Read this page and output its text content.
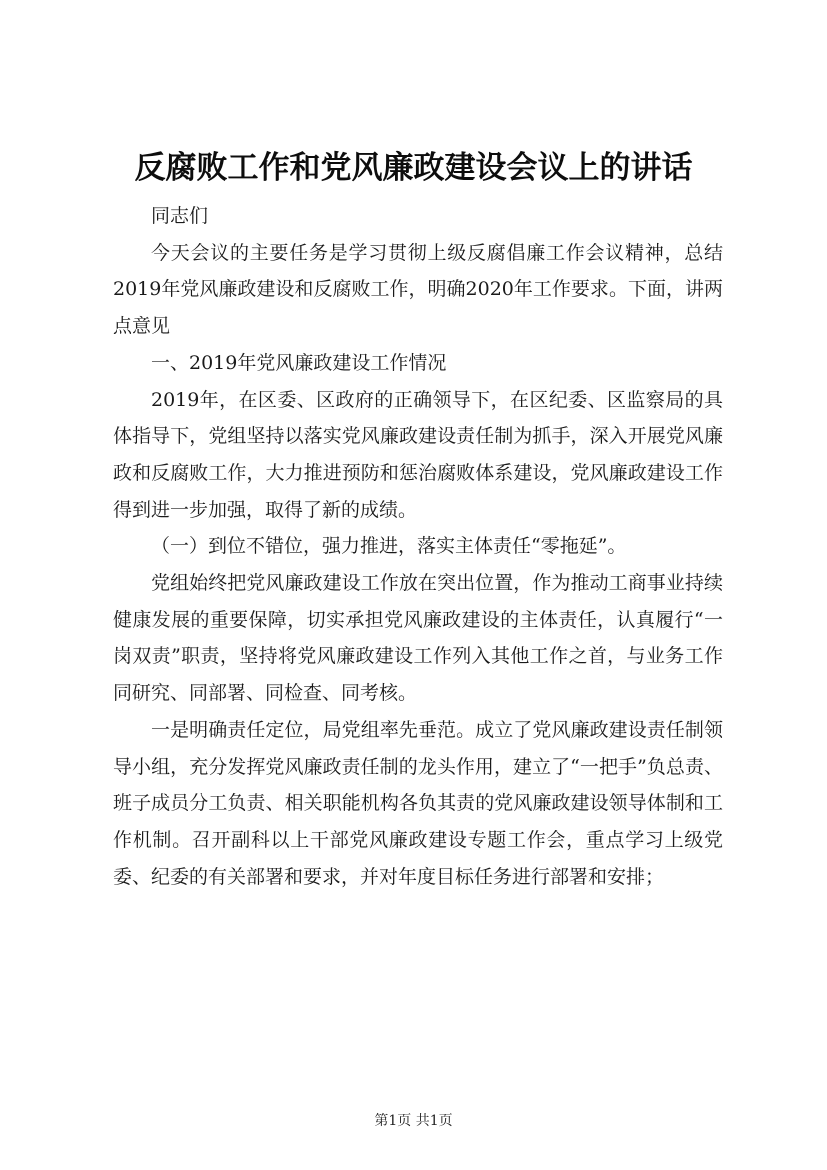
反腐败工作和党风廉政建设会议上的讲话

同志们

今天会议的主要任务是学习贯彻上级反腐倡廉工作会议精神，总结2019年党风廉政建设和反腐败工作，明确2020年工作要求。下面，讲两点意见

一、2019年党风廉政建设工作情况

2019年，在区委、区政府的正确领导下，在区纪委、区监察局的具体指导下，党组坚持以落实党风廉政建设责任制为抓手，深入开展党风廉政和反腐败工作，大力推进预防和惩治腐败体系建设，党风廉政建设工作得到进一步加强，取得了新的成绩。

（一）到位不错位，强力推进，落实主体责任“零拖延”。

党组始终把党风廉政建设工作放在突出位置，作为推动工商事业持续健康发展的重要保障，切实承担党风廉政建设的主体责任，认真履行“一岗双责”职责，坚持将党风廉政建设工作列入其他工作之首，与业务工作同研究、同部署、同检查、同考核。

一是明确责任定位，局党组率先垂范。成立了党风廉政建设责任制领导小组，充分发挥党风廉政责任制的龙头作用，建立了“一把手”负总责、班子成员分工负责、相关职能机构各负其责的党风廉政建设领导体制和工作机制。召开副科以上干部党风廉政建设专题工作会，重点学习上级党委、纪委的有关部署和要求，并对年度目标任务进行部署和安排；

第1页 共1页
